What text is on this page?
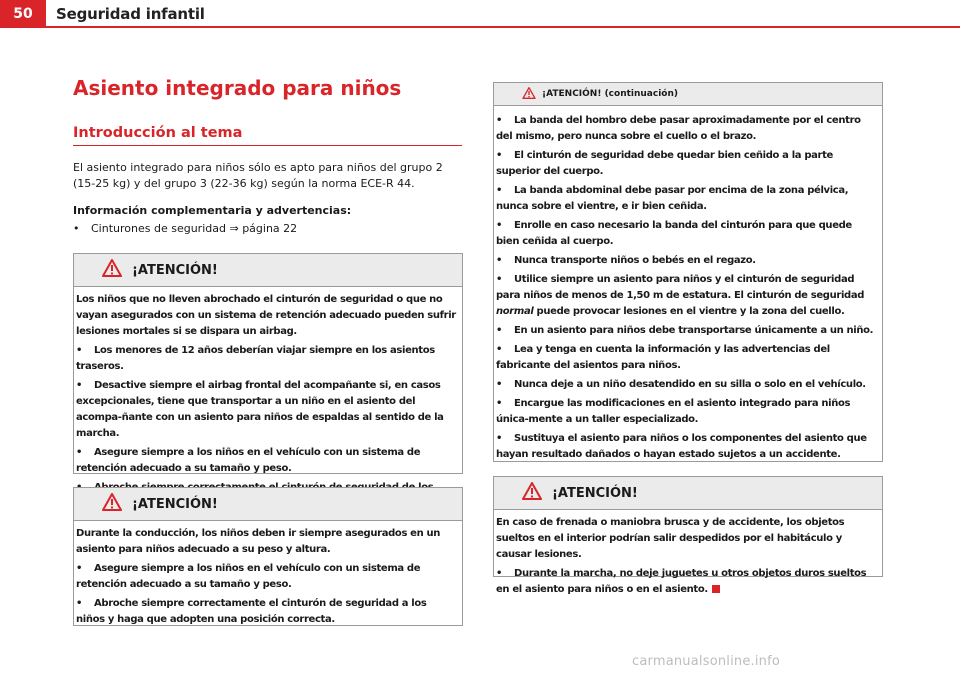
50	Seguridad infantil
Asiento integrado para niños
Introducción al tema
El asiento integrado para niños sólo es apto para niños del grupo 2 (15-25 kg) y del grupo 3 (22-36 kg) según la norma ECE-R 44.
Información complementaria y advertencias:
• Cinturones de seguridad ⇒ página 22
¡ATENCIÓN!

Los niños que no lleven abrochado el cinturón de seguridad o que no vayan asegurados con un sistema de retención adecuado pueden sufrir lesiones mortales si se dispara un airbag.

• Los menores de 12 años deberían viajar siempre en los asientos traseros.

• Desactive siempre el airbag frontal del acompañante si, en casos excepcionales, tiene que transportar a un niño en el asiento del acompa-ñante con un asiento para niños de espaldas al sentido de la marcha.

• Asegure siempre a los niños en el vehículo con un sistema de retención adecuado a su tamaño y peso.

¡ATENCIÓN!

Durante la conducción, los niños deben ir siempre asegurados en un asiento para niños adecuado a su peso y altura.

• Asegure siempre a los niños en el vehículo con un sistema de retención adecuado a su tamaño y peso.

• Abroche siempre correctamente el cinturón de seguridad a los niños y haga que adopten una posición correcta.

¡ATENCIÓN! (continuación)

• La banda del hombro debe pasar aproximadamente por el centro del mismo, pero nunca sobre el cuello o el brazo.

• El cinturón de seguridad debe quedar bien ceñido a la parte superior del cuerpo.

• La banda abdominal debe pasar por encima de la zona pélvica, nunca sobre el vientre, e ir bien ceñida.

• Enrolle en caso necesario la banda del cinturón para que quede bien ceñida al cuerpo.

• Nunca transporte niños o bebés en el regazo.

• Utilice siempre un asiento para niños y el cinturón de seguridad para niños de menos de 1,50 m de estatura. El cinturón de seguridad normal puede provocar lesiones en el vientre y la zona del cuello.

• En un asiento para niños debe transportarse únicamente a un niño.

• Lea y tenga en cuenta la información y las advertencias del fabricante del asientos para niños.

• Nunca deje a un niño desatendido en su silla o solo en el vehículo.

• Encargue las modificaciones en el asiento integrado para niños única-mente a un taller especializado.

• Sustituya el asiento para niños o los componentes del asiento que hayan resultado dañados o hayan estado sujetos a un accidente.

¡ATENCIÓN!

En caso de frenada o maniobra brusca y de accidente, los objetos sueltos en el interior podrían salir despedidos por el habitáculo y causar lesiones.

• Durante la marcha, no deje juguetes u otros objetos duros sueltos en el asiento para niños o en el asiento.

carmanualsonline.info
